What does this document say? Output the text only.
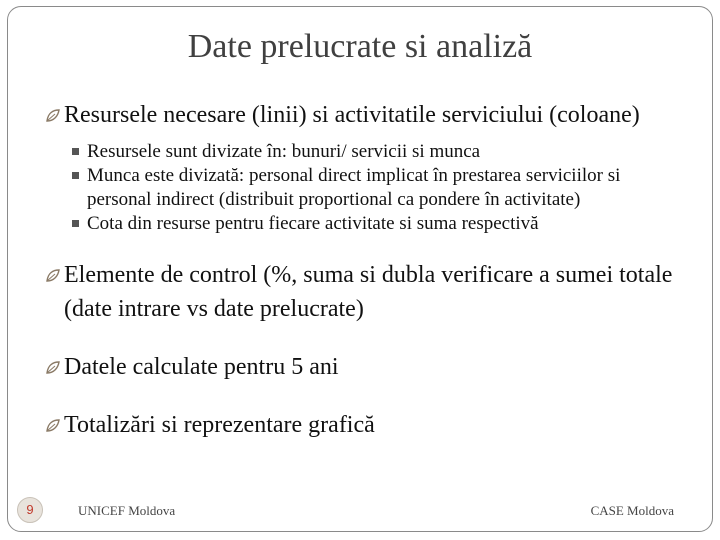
Date prelucrate si analiză
Resursele necesare (linii) si activitatile serviciului (coloane)
Resursele sunt divizate în: bunuri/ servicii si munca
Munca este divizată: personal direct implicat în prestarea serviciilor si personal indirect (distribuit proportional ca pondere în activitate)
Cota din resurse pentru fiecare activitate si suma respectivă
Elemente de control (%, suma si dubla verificare a sumei totale (date intrare vs date prelucrate)
Datele calculate pentru 5 ani
Totalizări si reprezentare grafică
9	UNICEF Moldova	CASE Moldova
